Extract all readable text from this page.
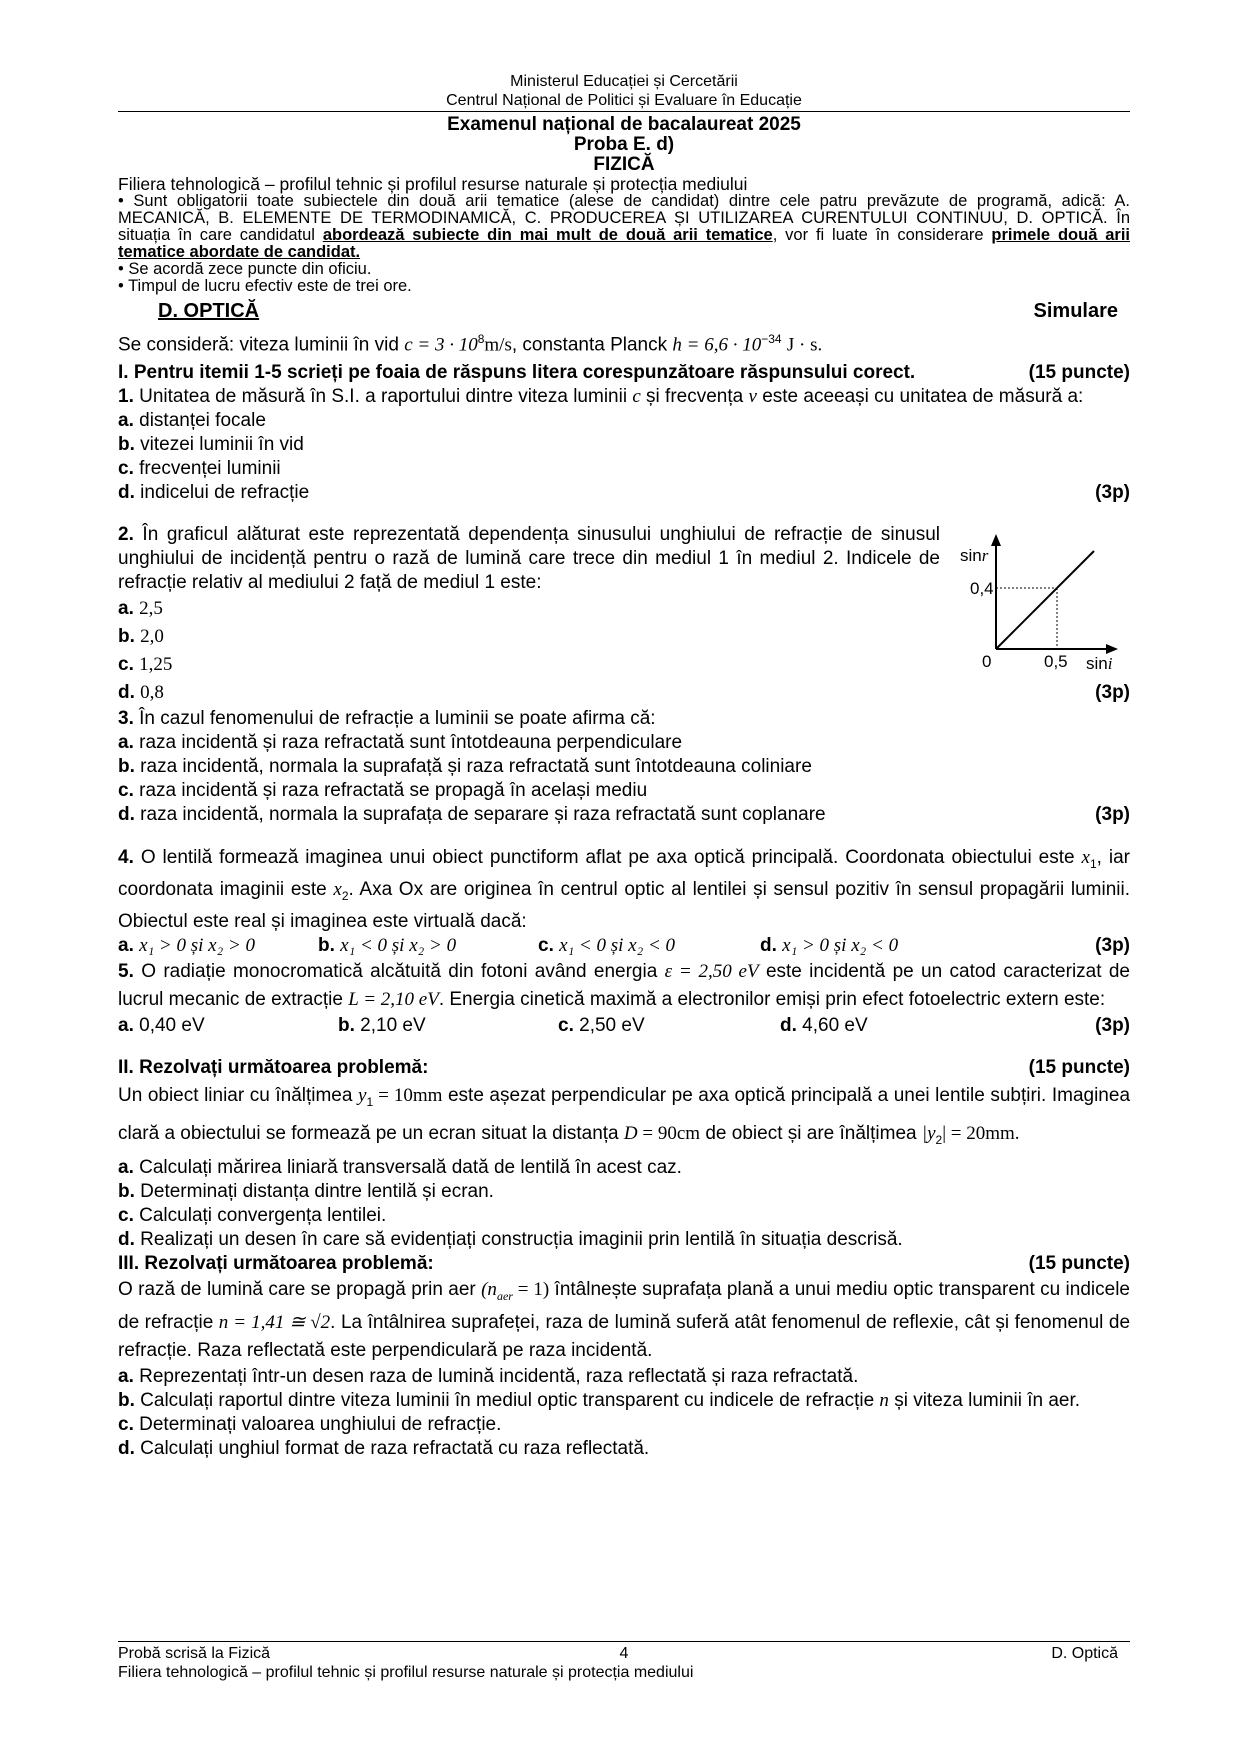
Ministerul Educației și Cercetării
Centrul Național de Politici și Evaluare în Educație
Examenul național de bacalaureat 2025
Proba E. d)
FIZICĂ
Filiera tehnologică – profilul tehnic și profilul resurse naturale și protecția mediului
• Sunt obligatorii toate subiectele din două arii tematice (alese de candidat) dintre cele patru prevăzute de programă, adică: A. MECANICĂ, B. ELEMENTE DE TERMODINAMICĂ, C. PRODUCEREA ȘI UTILIZAREA CURENTULUI CONTINUU, D. OPTICĂ. În situația în care candidatul abordează subiecte din mai mult de două arii tematice, vor fi luate în considerare primele două arii tematice abordate de candidat.
• Se acordă zece puncte din oficiu.
• Timpul de lucru efectiv este de trei ore.
D. OPTICĂ	Simulare
Se consideră: viteza luminii în vid $c = 3 \cdot 10^8m/s$, constanta Planck $h = 6,6 \cdot 10^{-34}$ J · s.
I. Pentru itemii 1-5 scrieți pe foaia de răspuns litera corespunzătoare răspunsului corect.	(15 puncte)
1. Unitatea de măsură în S.I. a raportului dintre viteza luminii c și frecvența ν este aceeași cu unitatea de măsură a:
a. distanței focale
b. vitezei luminii în vid
c. frecvenței luminii
d. indicelui de refracție	(3p)
2. În graficul alăturat este reprezentată dependența sinusului unghiului de refracție de sinusul unghiului de incidență pentru o rază de lumină care trece din mediul 1 în mediul 2. Indicele de refracție relativ al mediului 2 față de mediul 1 este:
a. 2,5
b. 2,0
c. 1,25
d. 0,8	(3p)
sinr
0,4
0	0,5 sini
3. În cazul fenomenului de refracție a luminii se poate afirma că:
a. raza incidentă și raza refractată sunt întotdeauna perpendiculare
b. raza incidentă, normala la suprafață și raza refractată sunt întotdeauna coliniare
c. raza incidentă și raza refractată se propagă în același mediu
d. raza incidentă, normala la suprafața de separare și raza refractată sunt coplanare	(3p)
4. O lentilă formează imaginea unui obiect punctiform aflat pe axa optică principală. Coordonata obiectului este $x_1$, iar coordonata imaginii este $x_2$. Axa Ox are originea în centrul optic al lentilei și sensul pozitiv în sensul propagării luminii. Obiectul este real și imaginea este virtuală dacă:
a. x₁ > 0 și x₂ > 0	b. x₁ < 0 și x₂ > 0	c. x₁ < 0 și x₂ < 0	d. x₁ > 0 și x₂ < 0	(3p)
5. O radiație monocromatică alcătuită din fotoni având energia ε = 2,50 eV este incidentă pe un catod caracterizat de lucrul mecanic de extracție L = 2,10 eV. Energia cinetică maximă a electronilor emiși prin efect fotoelectric extern este:
a. 0,40 eV	b. 2,10 eV	c. 2,50 eV	d. 4,60 eV	(3p)
II. Rezolvați următoarea problemă:	(15 puncte)
Un obiect liniar cu înălțimea $y_1 = 10mm$ este așezat perpendicular pe axa optică principală a unei lentile subțiri. Imaginea clară a obiectului se formează pe un ecran situat la distanța D = 90cm de obiect și are înălțimea $|y_2| = 20mm$.
a. Calculați mărirea liniară transversală dată de lentilă în acest caz.
b. Determinați distanța dintre lentilă și ecran.
c. Calculați convergența lentilei.
d. Realizați un desen în care să evidențiați construcția imaginii prin lentilă în situația descrisă.
III. Rezolvați următoarea problemă:	(15 puncte)
O rază de lumină care se propagă prin aer $(n_{aer} = 1)$ întâlnește suprafața plană a unui mediu optic transparent cu indicele de refracție n = 1,41 ≅ √2. La întâlnirea suprafeței, raza de lumină suferă atât fenomenul de reflexie, cât și fenomenul de refracție. Raza reflectată este perpendiculară pe raza incidentă.
a. Reprezentați într-un desen raza de lumină incidentă, raza reflectată și raza refractată.
b. Calculați raportul dintre viteza luminii în mediul optic transparent cu indicele de refracție n și viteza luminii în aer.
c. Determinați valoarea unghiului de refracție.
d. Calculați unghiul format de raza refractată cu raza reflectată.
Probă scrisă la Fizică	4	D. Optică
Filiera tehnologică – profilul tehnic și profilul resurse naturale și protecția mediului
